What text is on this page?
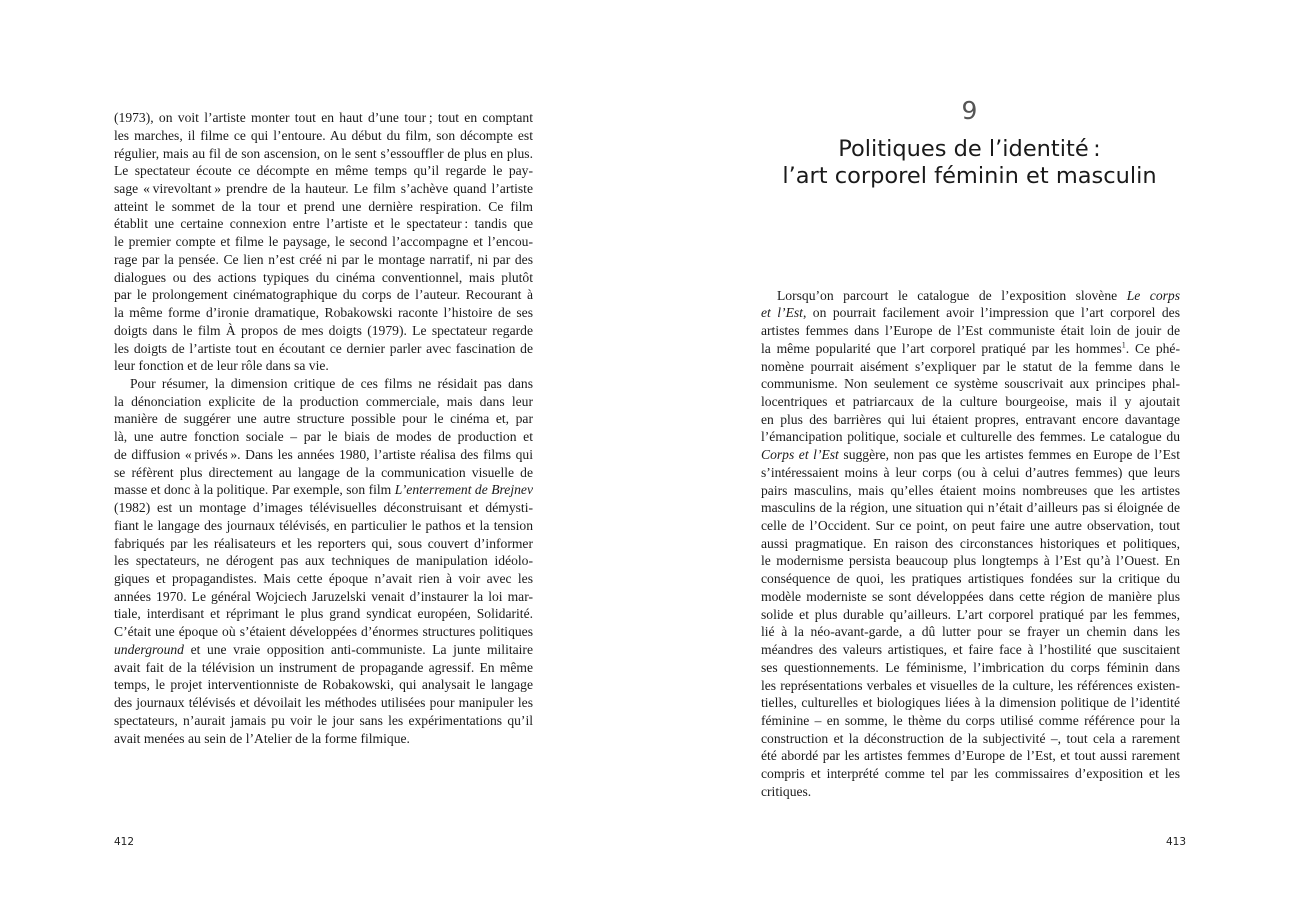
(1973), on voit l’artiste monter tout en haut d’une tour ; tout en comptant
les marches, il filme ce qui l’entoure. Au début du film, son décompte est
régulier, mais au fil de son ascension, on le sent s’essouffler de plus en plus.
Le spectateur écoute ce décompte en même temps qu’il regarde le pay-
sage « virevoltant » prendre de la hauteur. Le film s’achève quand l’artiste
atteint le sommet de la tour et prend une dernière respiration. Ce film
établit une certaine connexion entre l’artiste et le spectateur : tandis que
le premier compte et filme le paysage, le second l’accompagne et l’encou-
rage par la pensée. Ce lien n’est créé ni par le montage narratif, ni par des
dialogues ou des actions typiques du cinéma conventionnel, mais plutôt
par le prolongement cinématographique du corps de l’auteur. Recourant à
la même forme d’ironie dramatique, Robakowski raconte l’histoire de ses
doigts dans le film À propos de mes doigts (1979). Le spectateur regarde
les doigts de l’artiste tout en écoutant ce dernier parler avec fascination de
leur fonction et de leur rôle dans sa vie.
Pour résumer, la dimension critique de ces films ne résidait pas dans
la dénonciation explicite de la production commerciale, mais dans leur
manière de suggérer une autre structure possible pour le cinéma et, par
là, une autre fonction sociale – par le biais de modes de production et
de diffusion « privés ». Dans les années 1980, l’artiste réalisa des films qui
se réfèrent plus directement au langage de la communication visuelle de
masse et donc à la politique. Par exemple, son film L’enterrement de Brejnev
(1982) est un montage d’images télévisuelles déconstruisant et démysti-
fiant le langage des journaux télévisés, en particulier le pathos et la tension
fabriqués par les réalisateurs et les reporters qui, sous couvert d’informer
les spectateurs, ne dérogent pas aux techniques de manipulation idéolo-
giques et propagandistes. Mais cette époque n’avait rien à voir avec les
années 1970. Le général Wojciech Jaruzelski venait d’instaurer la loi mar-
tiale, interdisant et réprimant le plus grand syndicat européen, Solidarité.
C’était une époque où s’étaient développées d’énormes structures politiques
underground et une vraie opposition anti-communiste. La junte militaire
avait fait de la télévision un instrument de propagande agressif. En même
temps, le projet interventionniste de Robakowski, qui analysait le langage
des journaux télévisés et dévoilait les méthodes utilisées pour manipuler les
spectateurs, n’aurait jamais pu voir le jour sans les expérimentations qu’il
avait menées au sein de l’Atelier de la forme filmique.
412
9
Politiques de l’identité :
l’art corporel féminin et masculin
Lorsqu’on parcourt le catalogue de l’exposition slovène Le corps
et l’Est, on pourrait facilement avoir l’impression que l’art corporel des
artistes femmes dans l’Europe de l’Est communiste était loin de jouir de
la même popularité que l’art corporel pratiqué par les hommes$^1$. Ce phé-
nomène pourrait aisément s’expliquer par le statut de la femme dans le
communisme. Non seulement ce système souscrivait aux principes phal-
locentriques et patriarcaux de la culture bourgeoise, mais il y ajoutait
en plus des barrières qui lui étaient propres, entravant encore davantage
l’émancipation politique, sociale et culturelle des femmes. Le catalogue du
Corps et l’Est suggère, non pas que les artistes femmes en Europe de l’Est
s’intéressaient moins à leur corps (ou à celui d’autres femmes) que leurs
pairs masculins, mais qu’elles étaient moins nombreuses que les artistes
masculins de la région, une situation qui n’était d’ailleurs pas si éloignée de
celle de l’Occident. Sur ce point, on peut faire une autre observation, tout
aussi pragmatique. En raison des circonstances historiques et politiques,
le modernisme persista beaucoup plus longtemps à l’Est qu’à l’Ouest. En
conséquence de quoi, les pratiques artistiques fondées sur la critique du
modèle moderniste se sont développées dans cette région de manière plus
solide et plus durable qu’ailleurs. L’art corporel pratiqué par les femmes,
lié à la néo-avant-garde, a dû lutter pour se frayer un chemin dans les
méandres des valeurs artistiques, et faire face à l’hostilité que suscitaient
ses questionnements. Le féminisme, l’imbrication du corps féminin dans
les représentations verbales et visuelles de la culture, les références existen-
tielles, culturelles et biologiques liées à la dimension politique de l’identité
féminine – en somme, le thème du corps utilisé comme référence pour la
construction et la déconstruction de la subjectivité –, tout cela a rarement
été abordé par les artistes femmes d’Europe de l’Est, et tout aussi rarement
compris et interprété comme tel par les commissaires d’exposition et les
critiques.
413
